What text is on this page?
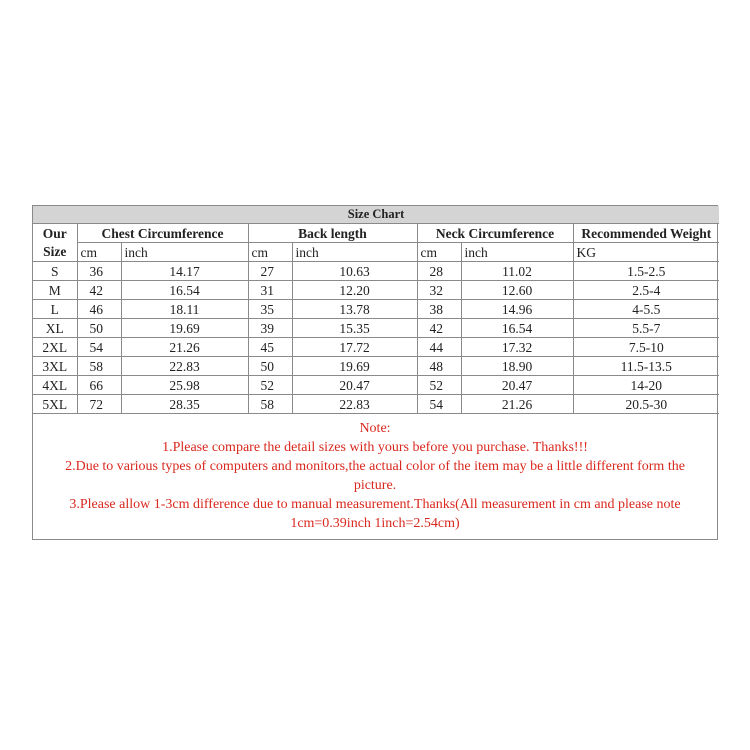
Size Chart							
Our	Chest Circumference		Back length		Neck Circumference		Recommended Weight
Size	cm	inch	cm	inch	cm	inch	KG
S	36	14.17	27	10.63	28	11.02	1.5-2.5
M	42	16.54	31	12.20	32	12.60	2.5-4
L	46	18.11	35	13.78	38	14.96	4-5.5
XL	50	19.69	39	15.35	42	16.54	5.5-7
2XL	54	21.26	45	17.72	44	17.32	7.5-10
3XL	58	22.83	50	19.69	48	18.90	11.5-13.5
4XL	66	25.98	52	20.47	52	20.47	14-20
5XL	72	28.35	58	22.83	54	21.26	20.5-30
Note:
1.Please compare the detail sizes with yours before you purchase. Thanks!!!
2.Due to various types of computers and monitors,the actual color of the item may be a little different form the picture.
3.Please allow 1-3cm difference due to manual measurement.Thanks(All measurement in cm and please note 1cm=0.39inch 1inch=2.54cm)
